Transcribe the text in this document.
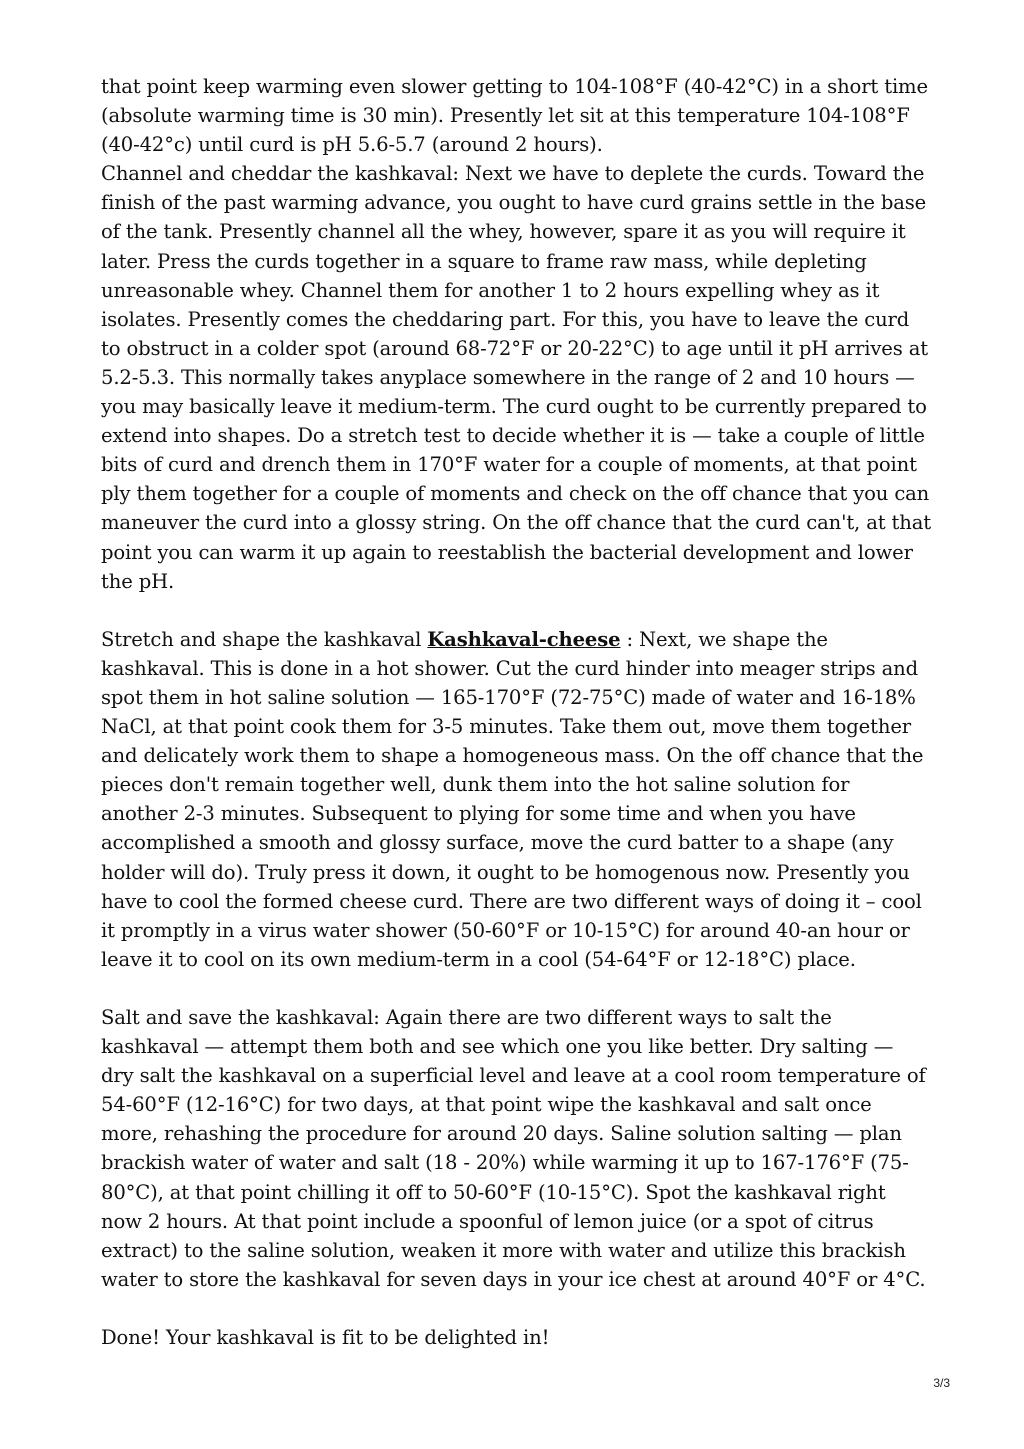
that point keep warming even slower getting to 104-108°F (40-42°C) in a short time (absolute warming time is 30 min). Presently let sit at this temperature 104-108°F (40-42°c) until curd is pH 5.6-5.7 (around 2 hours).

Channel and cheddar the kashkaval: Next we have to deplete the curds. Toward the finish of the past warming advance, you ought to have curd grains settle in the base of the tank. Presently channel all the whey, however, spare it as you will require it later. Press the curds together in a square to frame raw mass, while depleting unreasonable whey. Channel them for another 1 to 2 hours expelling whey as it isolates. Presently comes the cheddaring part. For this, you have to leave the curd to obstruct in a colder spot (around 68-72°F or 20-22°C) to age until it pH arrives at 5.2-5.3. This normally takes anyplace somewhere in the range of 2 and 10 hours — you may basically leave it medium-term. The curd ought to be currently prepared to extend into shapes. Do a stretch test to decide whether it is — take a couple of little bits of curd and drench them in 170°F water for a couple of moments, at that point ply them together for a couple of moments and check on the off chance that you can maneuver the curd into a glossy string. On the off chance that the curd can't, at that point you can warm it up again to reestablish the bacterial development and lower the pH.

Stretch and shape the kashkaval Kashkaval-cheese : Next, we shape the kashkaval. This is done in a hot shower. Cut the curd hinder into meager strips and spot them in hot saline solution — 165-170°F (72-75°C) made of water and 16-18% NaCl, at that point cook them for 3-5 minutes. Take them out, move them together and delicately work them to shape a homogeneous mass. On the off chance that the pieces don't remain together well, dunk them into the hot saline solution for another 2-3 minutes. Subsequent to plying for some time and when you have accomplished a smooth and glossy surface, move the curd batter to a shape (any holder will do). Truly press it down, it ought to be homogenous now. Presently you have to cool the formed cheese curd. There are two different ways of doing it – cool it promptly in a virus water shower (50-60°F or 10-15°C) for around 40-an hour or leave it to cool on its own medium-term in a cool (54-64°F or 12-18°C) place.

Salt and save the kashkaval: Again there are two different ways to salt the kashkaval — attempt them both and see which one you like better. Dry salting — dry salt the kashkaval on a superficial level and leave at a cool room temperature of 54-60°F (12-16°C) for two days, at that point wipe the kashkaval and salt once more, rehashing the procedure for around 20 days. Saline solution salting — plan brackish water of water and salt (18 - 20%) while warming it up to 167-176°F (75-80°C), at that point chilling it off to 50-60°F (10-15°C). Spot the kashkaval right now 2 hours. At that point include a spoonful of lemon juice (or a spot of citrus extract) to the saline solution, weaken it more with water and utilize this brackish water to store the kashkaval for seven days in your ice chest at around 40°F or 4°C.

Done! Your kashkaval is fit to be delighted in!

3/3
